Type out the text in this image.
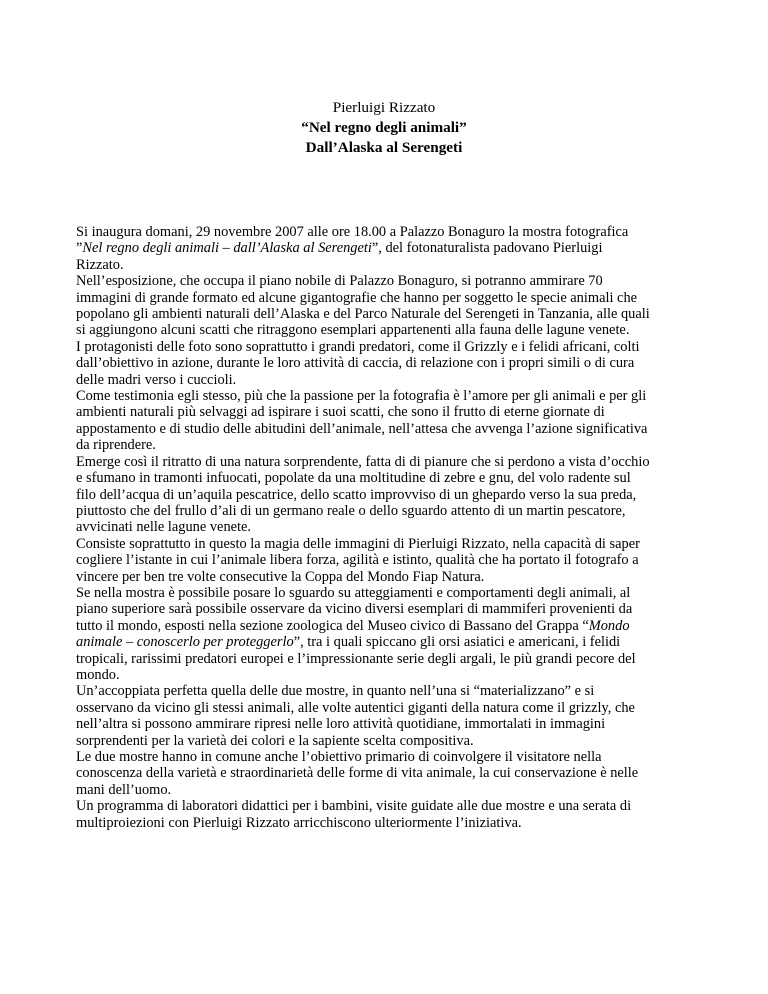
Pierluigi Rizzato
“Nel regno degli animali”
Dall’Alaska al Serengeti

Si inaugura domani, 29 novembre 2007 alle ore 18.00 a Palazzo Bonaguro la mostra fotografica

”Nel regno degli animali – dall’Alaska al Serengeti”, del fotonaturalista padovano Pierluigi

Rizzato.

Nell’esposizione, che occupa il piano nobile di Palazzo Bonaguro, si potranno ammirare 70

immagini di grande formato ed alcune gigantografie che hanno per soggetto le specie animali che

popolano gli ambienti naturali dell’Alaska e del Parco Naturale del Serengeti in Tanzania, alle quali

si aggiungono alcuni scatti che ritraggono esemplari appartenenti alla fauna delle lagune venete.

I protagonisti delle foto sono soprattutto i grandi predatori, come il Grizzly e i felidi africani, colti

dall’obiettivo in azione, durante le loro attività di caccia, di relazione con i propri simili o di cura

delle madri verso i cuccioli.

Come testimonia egli stesso, più che la passione per la fotografia è l’amore per gli animali e per gli

ambienti naturali più selvaggi ad ispirare i suoi scatti, che sono il frutto di eterne giornate di

appostamento e di studio delle abitudini dell’animale, nell’attesa che avvenga l’azione significativa

da riprendere.

Emerge così il ritratto di una natura sorprendente, fatta di di pianure che si perdono a vista d’occhio

e sfumano in tramonti infuocati, popolate da una moltitudine di zebre e gnu, del volo radente sul

filo dell’acqua di un’aquila pescatrice, dello scatto improvviso di un ghepardo verso la sua preda,

piuttosto che del frullo d’ali di un germano reale o dello sguardo attento di un martin pescatore,

avvicinati nelle lagune venete.

Consiste soprattutto in questo la magia delle immagini di Pierluigi Rizzato, nella capacità di saper

cogliere l’istante in cui l’animale libera forza, agilità e istinto, qualità che ha portato il fotografo a

vincere per ben tre volte consecutive la Coppa del Mondo Fiap Natura.

Se nella mostra è possibile posare lo sguardo su atteggiamenti e comportamenti degli animali, al

piano superiore sarà possibile osservare da vicino diversi esemplari di mammiferi provenienti da

tutto il mondo, esposti nella sezione zoologica del Museo civico di Bassano del Grappa “Mondo

animale – conoscerlo per proteggerlo”, tra i quali spiccano gli orsi asiatici e americani, i felidi

tropicali, rarissimi predatori europei e l’impressionante serie degli argali, le più grandi pecore del

mondo.

Un’accoppiata perfetta quella delle due mostre, in quanto nell’una si “materializzano” e si

osservano da vicino gli stessi animali, alle volte autentici giganti della natura come il grizzly, che

nell’altra si possono ammirare ripresi nelle loro attività quotidiane, immortalati in immagini

sorprendenti per la varietà dei colori e la sapiente scelta compositiva.

Le due mostre hanno in comune anche l’obiettivo primario di coinvolgere il visitatore nella

conoscenza della varietà e straordinarietà delle forme di vita animale, la cui conservazione è nelle

mani dell’uomo.

Un programma di laboratori didattici per i bambini, visite guidate alle due mostre e una serata di

multiproiezioni con Pierluigi Rizzato arricchiscono ulteriormente l’iniziativa.
